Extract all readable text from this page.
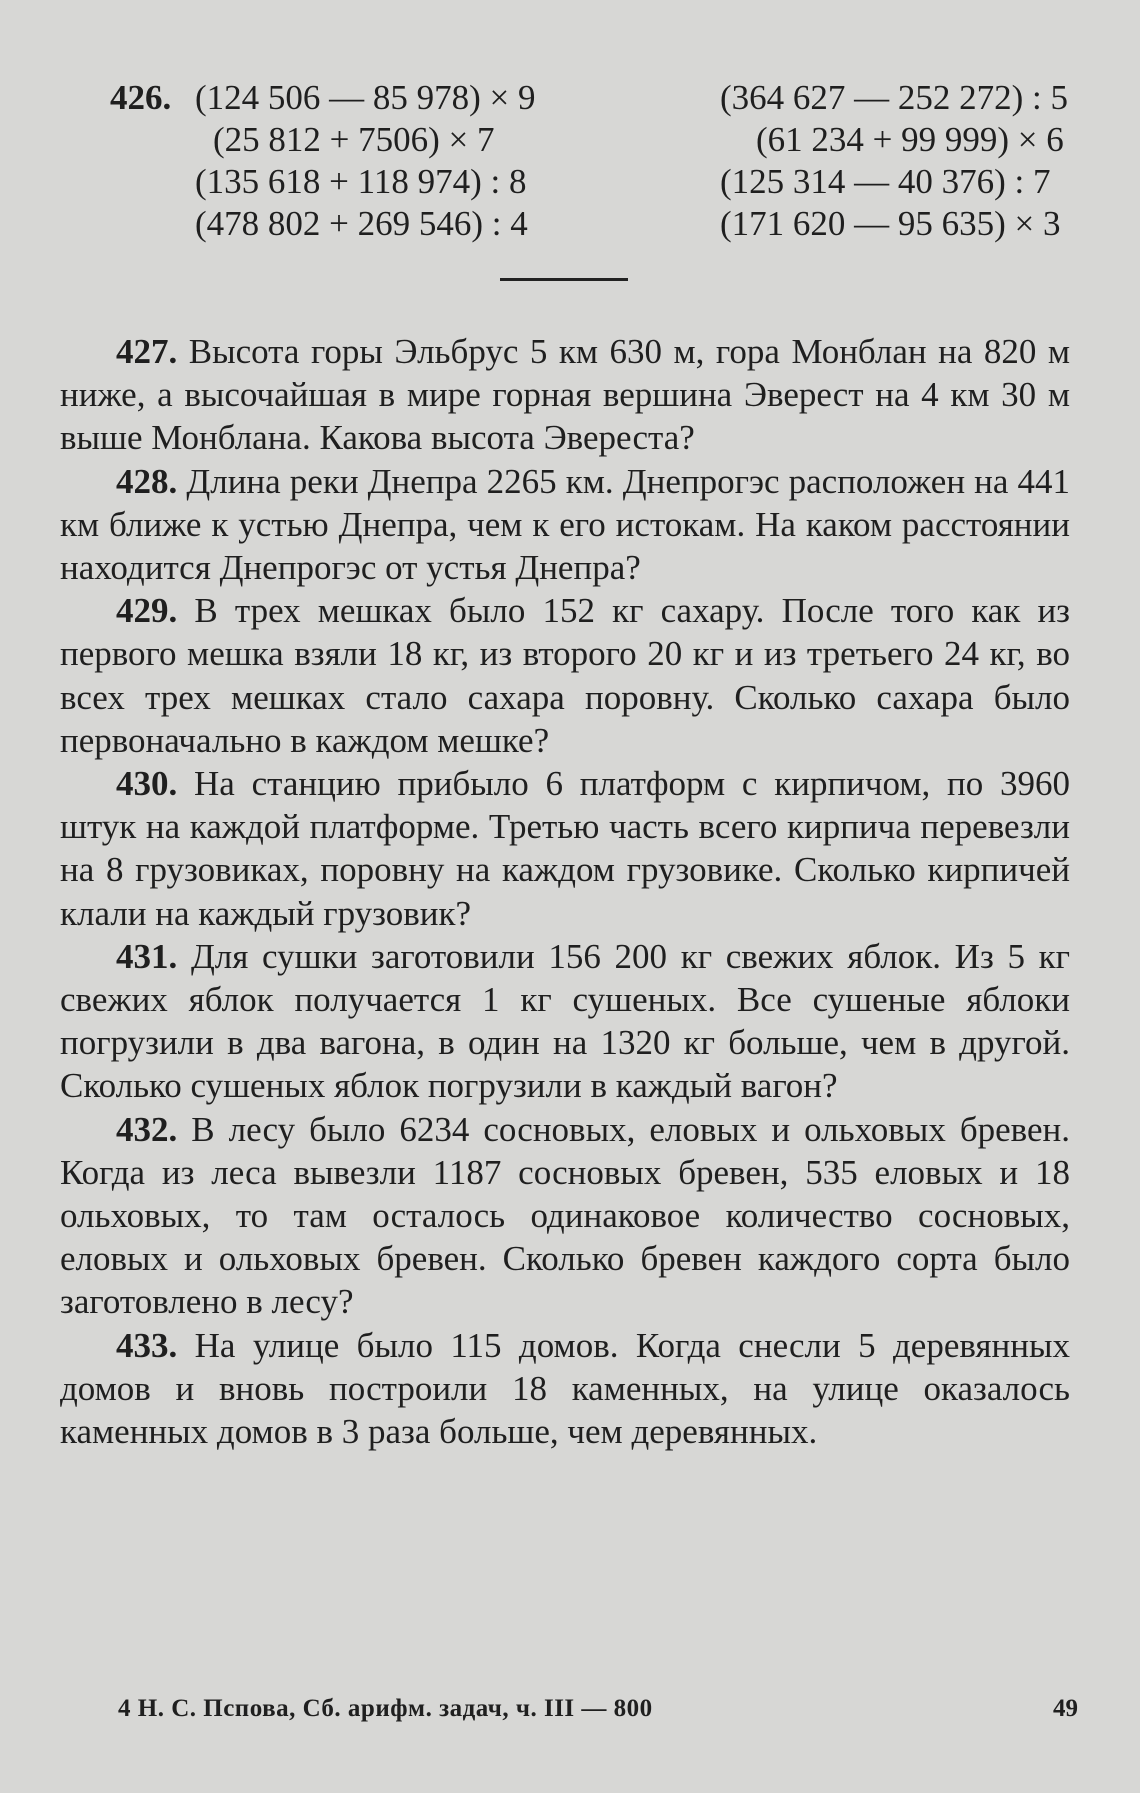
426. (124 506 — 85 978) × 9	(364 627 — 252 272) : 5
(25 812 + 7506) × 7	(61 234 + 99 999) × 6
(135 618 + 118 974) : 8	(125 314 — 40 376) : 7
(478 802 + 269 546) : 4	(171 620 — 95 635) × 3

427. Высота горы Эльбрус 5 км 630 м, гора Монблан на 820 м ниже, а высочайшая в мире горная вершина Эверест на 4 км 30 м выше Монблана. Какова высота Эвереста?

428. Длина реки Днепра 2265 км. Днепрогэс расположен на 441 км ближе к устью Днепра, чем к его истокам. На каком расстоянии находится Днепрогэс от устья Днепра?

429. В трех мешках было 152 кг сахару. После того как из первого мешка взяли 18 кг, из второго 20 кг и из третьего 24 кг, во всех трех мешках стало сахара поровну. Сколько сахара было первоначально в каждом мешке?

430. На станцию прибыло 6 платформ с кирпичом, по 3960 штук на каждой платформе. Третью часть всего кирпича перевезли на 8 грузовиках, поровну на каждом грузовике. Сколько кирпичей клали на каждый грузовик?

431. Для сушки заготовили 156 200 кг свежих яблок. Из 5 кг свежих яблок получается 1 кг сушеных. Все сушеные яблоки погрузили в два вагона, в один на 1320 кг больше, чем в другой. Сколько сушеных яблок погрузили в каждый вагон?

432. В лесу было 6234 сосновых, еловых и ольховых бревен. Когда из леса вывезли 1187 сосновых бревен, 535 еловых и 18 ольховых, то там осталось одинаковое количество сосновых, еловых и ольховых бревен. Сколько бревен каждого сорта было заготовлено в лесу?

433. На улице было 115 домов. Когда снесли 5 деревянных домов и вновь построили 18 каменных, на улице оказалось каменных домов в 3 раза больше, чем деревянных.

4 Н. С. Пспова, Сб. арифм. задач, ч. III — 800	49
